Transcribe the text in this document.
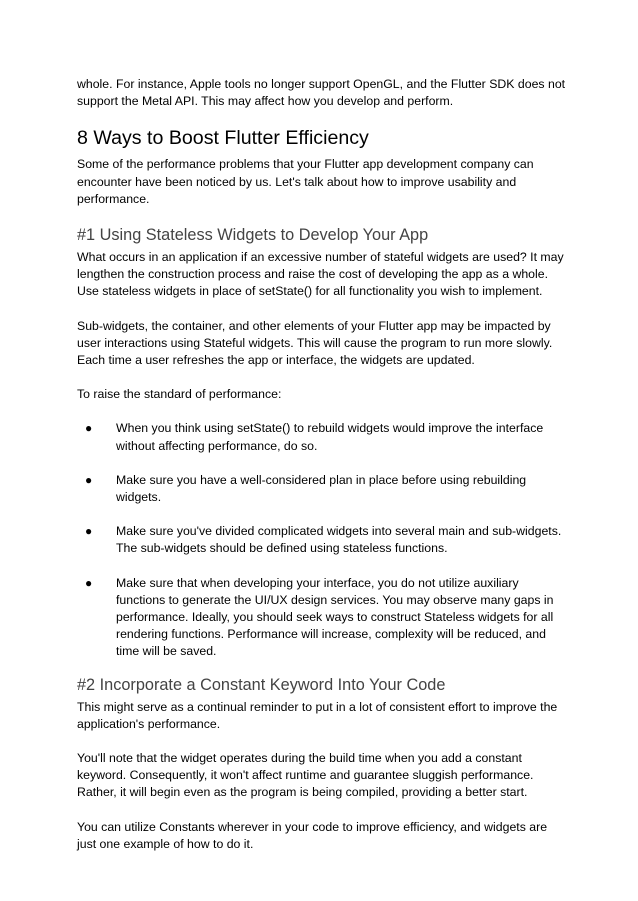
whole. For instance, Apple tools no longer support OpenGL, and the Flutter SDK does not support the Metal API. This may affect how you develop and perform.

8 Ways to Boost Flutter Efficiency

Some of the performance problems that your Flutter app development company can encounter have been noticed by us. Let's talk about how to improve usability and performance.

#1 Using Stateless Widgets to Develop Your App

What occurs in an application if an excessive number of stateful widgets are used? It may lengthen the construction process and raise the cost of developing the app as a whole. Use stateless widgets in place of setState() for all functionality you wish to implement.

Sub-widgets, the container, and other elements of your Flutter app may be impacted by user interactions using Stateful widgets. This will cause the program to run more slowly. Each time a user refreshes the app or interface, the widgets are updated.

To raise the standard of performance:

● When you think using setState() to rebuild widgets would improve the interface without affecting performance, do so.
● Make sure you have a well-considered plan in place before using rebuilding widgets.
● Make sure you've divided complicated widgets into several main and sub-widgets. The sub-widgets should be defined using stateless functions.
● Make sure that when developing your interface, you do not utilize auxiliary functions to generate the UI/UX design services. You may observe many gaps in performance. Ideally, you should seek ways to construct Stateless widgets for all rendering functions. Performance will increase, complexity will be reduced, and time will be saved.
#2 Incorporate a Constant Keyword Into Your Code

This might serve as a continual reminder to put in a lot of consistent effort to improve the application's performance.

You'll note that the widget operates during the build time when you add a constant keyword. Consequently, it won't affect runtime and guarantee sluggish performance. Rather, it will begin even as the program is being compiled, providing a better start.

You can utilize Constants wherever in your code to improve efficiency, and widgets are just one example of how to do it.
